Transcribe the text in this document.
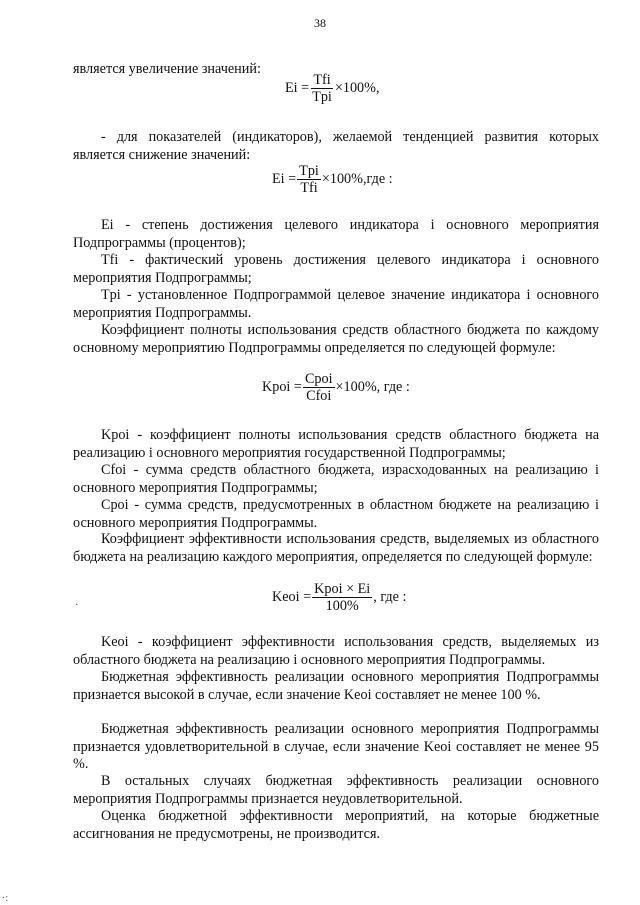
38

является увеличение значений:

$Ei = \frac{\text{Tfi}}{\text{Tpi}} \times 100\%$,

- для показателей (индикаторов), желаемой тенденцией развития которых является снижение значений:

$Ei = \frac{\text{Tpi}}{\text{Tfi}} \times 100\%,где$ :

Ei - степень достижения целевого индикатора i основного мероприятия Подпрограммы (процентов);

Tfi - фактический уровень достижения целевого индикатора i основного мероприятия Подпрограммы;

Tpi - установленное Подпрограммой целевое значение индикатора i основного мероприятия Подпрограммы.

Коэффициент полноты использования средств областного бюджета по каждому основному мероприятию Подпрограммы определяется по следующей формуле:

Kpoi = $\frac{\text{Cpoi}}{\text{Cfoi}} \times 100\%$, где :

Kpoi - коэффициент полноты использования средств областного бюджета на реализацию i основного мероприятия государственной Подпрограммы;

Cfoi - сумма средств областного бюджета, израсходованных на реализацию i основного мероприятия Подпрограммы;

Cpoi - сумма средств, предусмотренных в областном бюджете на реализацию i основного мероприятия Подпрограммы.

Коэффициент эффективности использования средств, выделяемых из областного бюджета на реализацию каждого мероприятия, определяется по следующей формуле:

Keoi = $\frac{\text{Kpoi × Ei}}{100\%}$ , где :
·

Keoi - коэффициент эффективности использования средств, выделяемых из областного бюджета на реализацию i основного мероприятия Подпрограммы.

Бюджетная эффективность реализации основного мероприятия Подпрограммы признается высокой в случае, если значение Keoi составляет не менее 100 %.

Бюджетная эффективность реализации основного мероприятия Подпрограммы признается удовлетворительной в случае, если значение Keoi составляет не менее 95 %.

В остальных случаях бюджетная эффективность реализации основного мероприятия Подпрограммы признается неудовлетворительной.

Оценка бюджетной эффективности мероприятий, на которые бюджетные ассигнования не предусмотрены, не производится.

·:
